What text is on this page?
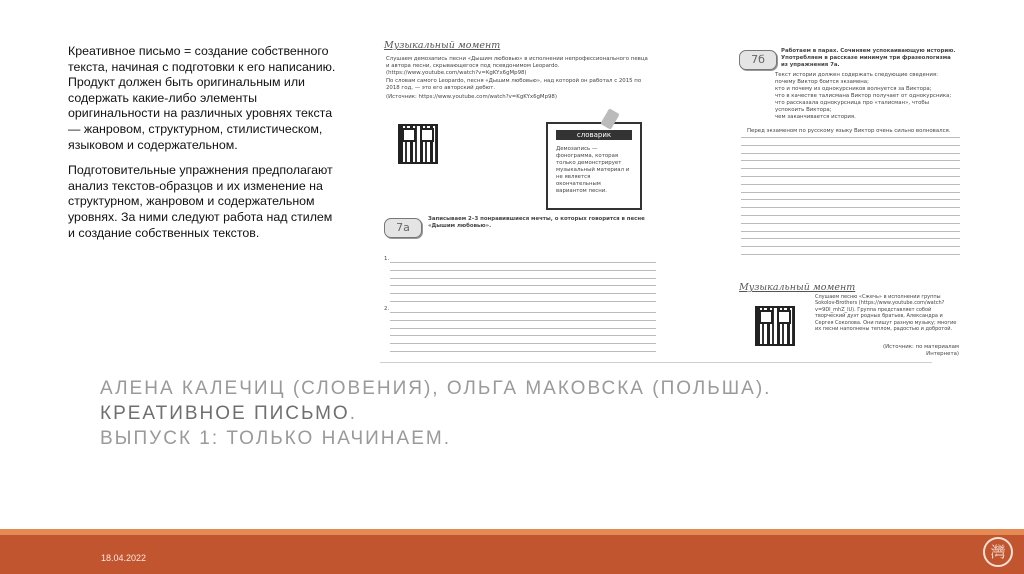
Креативное письмо = создание собственного текста, начиная с подготовки к его написанию. Продукт должен быть оригинальным или содержать какие-либо элементы оригинальности на различных уровнях текста — жанровом, структурном, стилистическом, языковом и содержательном.

Подготовительные упражнения предполагают анализ текстов-образцов и их изменение на структурном, жанровом и содержательном уровнях. За ними следуют работа над стилем и создание собственных текстов.

Музыкальный момент
Слушаем демозапись песни «Дышим любовью» в исполнении непрофессионального певца и автора песни, скрывающегося под псевдонимом Leopardo. (https://www.youtube.com/watch?v=KgKYx6gMp98)
По словам самого Leopardo, песня «Дышим любовью», над которой он работал с 2015 по 2018 год, — это его авторский дебют.
(Источник: https://www.youtube.com/watch?v=KgKYx6gMp98)
словарик
Демозапись — фонограмма, которая только демонстрирует музыкальный материал и не является окончательным вариантом песни.
7а
Записываем 2–3 понравившиеся мечты, о которых говорится в песне «Дышим любовью».
1.
2.
7б
Работаем в парах. Сочиняем успокаивающую историю. Употребляем в рассказе минимум три фразеологизма из упражнения 7а.
Текст истории должен содержать следующие сведения:
почему Виктор боится экзамена;
кто и почему из однокурсников волнуется за Виктора;
что в качестве талисмана Виктор получает от однокурсника;
что рассказала однокурсница про «талисман», чтобы успокоить Виктора;
чем заканчивается история.
Перед экзаменом по русскому языку Виктор очень сильно волновался.
Музыкальный момент
Слушаем песню «Сжечь» в исполнении группы Sokolov-Brothers (https://www.youtube.com/watch?v=9DI_mhZ_lU). Группа представляет собой творческий дуэт родных братьев, Александра и Сергея Соколова. Они пишут разную музыку; многие их песни наполнены теплом, радостью и добротой.
(Источник: по материалам Интернета)
АЛЕНА КАЛЕЧИЦ (СЛОВЕНИЯ), ОЛЬГА МАКОВСКА (ПОЛЬША).
КРЕАТИВНОЕ ПИСЬМО.
ВЫПУСК 1: ТОЛЬКО НАЧИНАЕМ.
18.04.2022	灣
